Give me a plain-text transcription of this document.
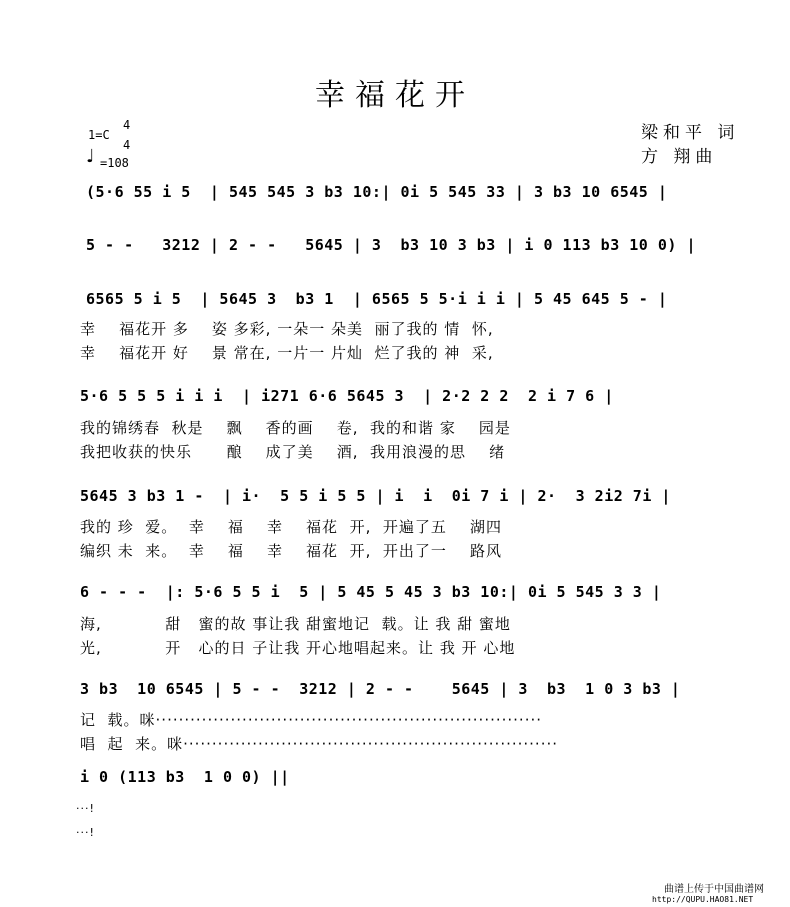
幸福花开
梁和平 词
方 翔曲
1=C
4
4
♩ =108
(5·6 55 i 5  | 545 545 3 b3 10:| 0i 5 545 33 | 3 b3 10 6545 |
5 - -   3212 | 2 - -   5645 | 3  b3 10 3 b3 | i 0 113 b3 10 0) |
6565 5 i 5  | 5645 3  b3 1  | 6565 5 5·i i i | 5 45 645 5 - |
幸    福花开 多    姿 多彩, 一朵一 朵美  丽了我的 情  怀,
幸    福花开 好    景 常在, 一片一 片灿  烂了我的 神  采,
5·6 5 5 5 i i i  | i271 6·6 5645 3  | 2·2 2 2  2 i 7 6 |
我的锦绣春  秋是    飘    香的画    卷,  我的和谐 家    园是
我把收获的快乐      酿    成了美    酒,  我用浪漫的思    绪
5645 3 b3 1 -  | i·  5 5 i 5 5 | i  i  0i 7 i | 2·  3 2i2 7i |
我的 珍  爱。  幸    福    幸    福花  开,  开遍了五    湖四
编织 未  来。  幸    福    幸    福花  开,  开出了一    路风
6 - - -  |: 5·6 5 5 i  5 | 5 45 5 45 3 b3 10:| 0i 5 545 3 3 |
海,           甜   蜜的故 事让我 甜蜜地记  载。让 我 甜 蜜地
光,           开   心的日 子让我 开心地唱起来。让 我 开 心地
3 b3  10 6545 | 5 - -  3212 | 2 - -    5645 | 3  b3  1 0 3 b3 |
记  载。咪···································································
唱  起  来。咪·································································
i 0 (113 b3  1 0 0) ||
···!
···!
曲谱上传于中国曲谱网
http://QUPU.HAO81.NET
